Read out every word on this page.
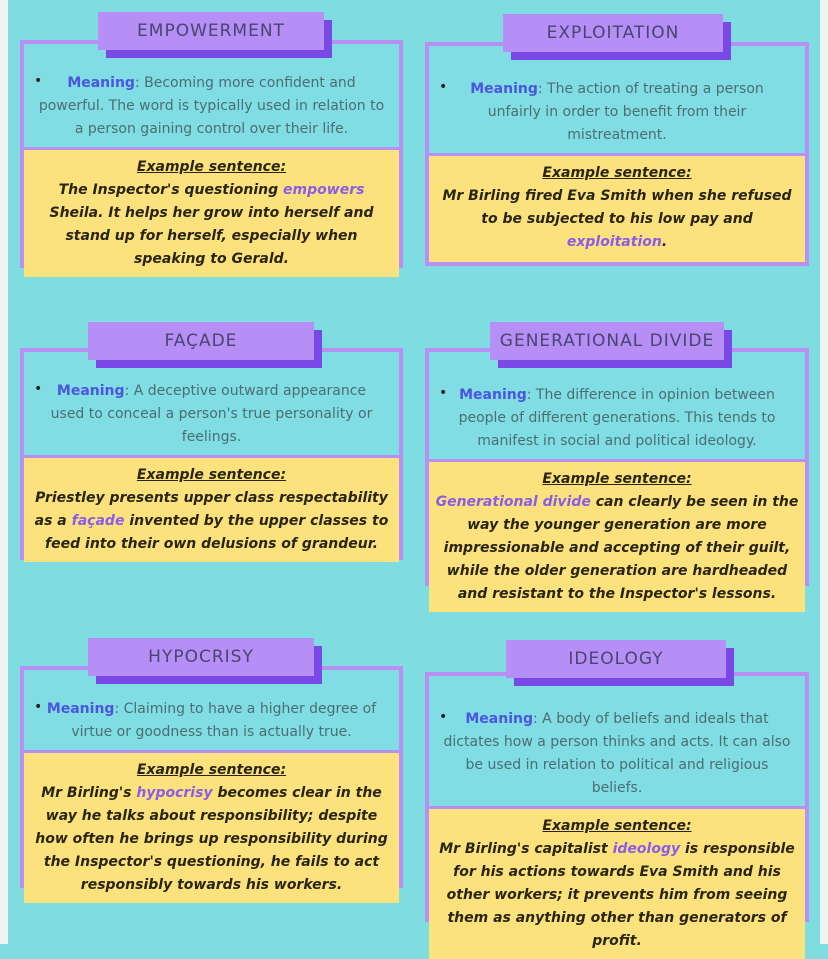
EMPOWERMENT
• Meaning: Becoming more confident and powerful. The word is typically used in relation to a person gaining control over their life.
Example sentence:
The Inspector's questioning empowers Sheila. It helps her grow into herself and stand up for herself, especially when speaking to Gerald.
EXPLOITATION
• Meaning: The action of treating a person unfairly in order to benefit from their mistreatment.
Example sentence:
Mr Birling fired Eva Smith when she refused to be subjected to his low pay and exploitation.
FAÇADE
• Meaning: A deceptive outward appearance used to conceal a person's true personality or feelings.
Example sentence:
Priestley presents upper class respectability as a façade invented by the upper classes to feed into their own delusions of grandeur.
GENERATIONAL DIVIDE
• Meaning: The difference in opinion between people of different generations. This tends to manifest in social and political ideology.
Example sentence:
Generational divide can clearly be seen in the way the younger generation are more impressionable and accepting of their guilt, while the older generation are hardheaded and resistant to the Inspector's lessons.
HYPOCRISY
• Meaning: Claiming to have a higher degree of virtue or goodness than is actually true.
Example sentence:
Mr Birling's hypocrisy becomes clear in the way he talks about responsibility; despite how often he brings up responsibility during the Inspector's questioning, he fails to act responsibly towards his workers.
IDEOLOGY
• Meaning: A body of beliefs and ideals that dictates how a person thinks and acts. It can also be used in relation to political and religious beliefs.
Example sentence:
Mr Birling's capitalist ideology is responsible for his actions towards Eva Smith and his other workers; it prevents him from seeing them as anything other than generators of profit.
